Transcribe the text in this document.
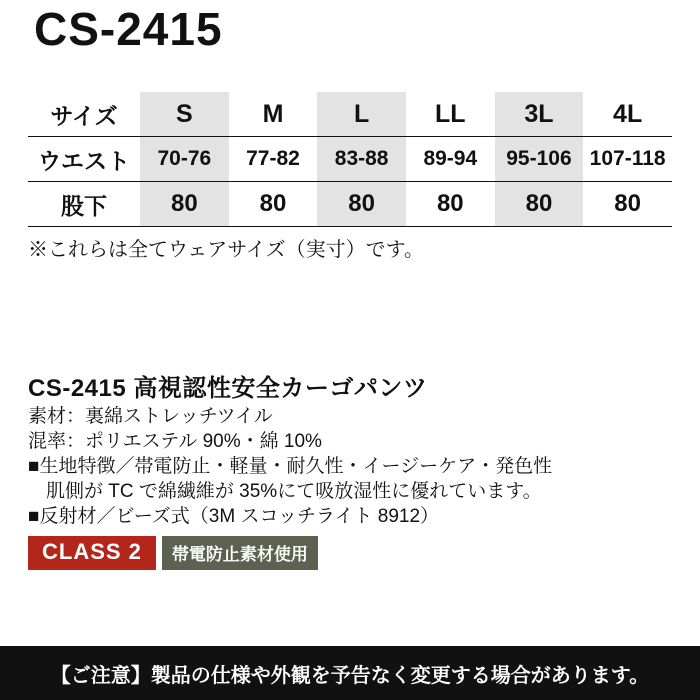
CS-2415
サイズ	S	M	L	LL	3L	4L
ウエスト	70-76	77-82	83-88	89-94	95-106	107-118
股下	80	80	80	80	80	80
※これらは全てウェアサイズ（実寸）です。
CS-2415 高視認性安全カーゴパンツ
素材：裏綿ストレッチツイル
混率：ポリエステル 90%・綿 10%
■生地特徴／帯電防止・軽量・耐久性・イージーケア・発色性
肌側が TC で綿繊維が 35%にて吸放湿性に優れています。
■反射材／ビーズ式（3M スコッチライト 8912）
CLASS 2	帯電防止素材使用
【ご注意】製品の仕様や外観を予告なく変更する場合があります。
